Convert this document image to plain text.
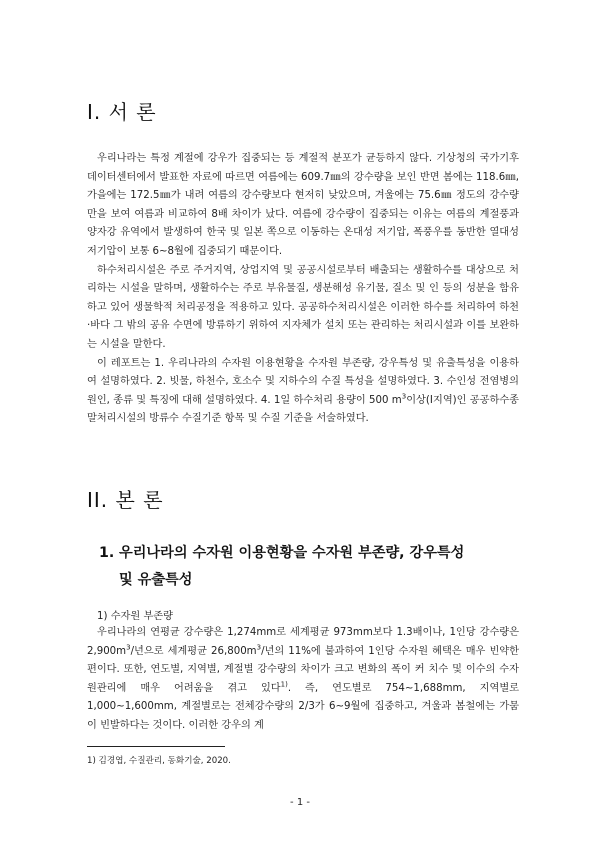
I. 서 론

우리나라는 특정 계절에 강우가 집중되는 등 계절적 분포가 균등하지 않다. 기상청의 국가기후데이터센터에서 발표한 자료에 따르면 여름에는 609.7㎜의 강수량을 보인 반면 봄에는 118.6㎜, 가을에는 172.5㎜가 내려 여름의 강수량보다 현저히 낮았으며, 겨울에는 75.6㎜ 정도의 강수량만을 보여 여름과 비교하여 8배 차이가 났다. 여름에 강수량이 집중되는 이유는 여름의 계절풍과 양자강 유역에서 발생하여 한국 및 일본 쪽으로 이동하는 온대성 저기압, 폭풍우를 동반한 열대성 저기압이 보통 6~8월에 집중되기 때문이다.

하수처리시설은 주로 주거지역, 상업지역 및 공공시설로부터 배출되는 생활하수를 대상으로 처리하는 시설을 말하며, 생활하수는 주로 부유물질, 생분해성 유기물, 질소 및 인 등의 성분을 함유하고 있어 생물학적 처리공정을 적용하고 있다. 공공하수처리시설은 이러한 하수를 처리하여 하천·바다 그 밖의 공유 수면에 방류하기 위하여 지자체가 설치 또는 관리하는 처리시설과 이를 보완하는 시설을 말한다.

이 레포트는 1. 우리나라의 수자원 이용현황을 수자원 부존량, 강우특성 및 유출특성을 이용하여 설명하였다. 2. 빗물, 하천수, 호소수 및 지하수의 수질 특성을 설명하였다. 3. 수인성 전염병의 원인, 종류 및 특징에 대해 설명하였다. 4. 1일 하수처리 용량이 500 $m^3$이상(Ⅰ지역)인 공공하수종말처리시설의 방류수 수질기준 항목 및 수질 기준을 서술하였다.

II. 본 론
1. 우리나라의 수자원 이용현황을 수자원 부존량, 강우특성
및 유출특성
1) 수자원 부존량

우리나라의 연평균 강수량은 1,274mm로 세계평균 973mm보다 1.3배이나, 1인당 강수량은 $2,900m^3/$년으로 세계평균 $26,800m^3/$년의 11%에 불과하여 1인당 수자원 혜택은 매우 빈약한 편이다. 또한, 연도별, 지역별, 계절별 강수량의 차이가 크고 변화의 폭이 커 치수 및 이수의 수자원관리에 매우 어려움을 겪고 있다$^{1)}$. 즉, 연도별로 754∼1,688mm, 지역별로 1,000∼1,600mm, 계절별로는 전체강수량의 2/3가 6∼9월에 집중하고, 겨울과 봄철에는 가뭄이 빈발하다는 것이다. 이러한 강우의 계

1) 김경엽, 수질관리, 동화기술, 2020.
- 1 -
